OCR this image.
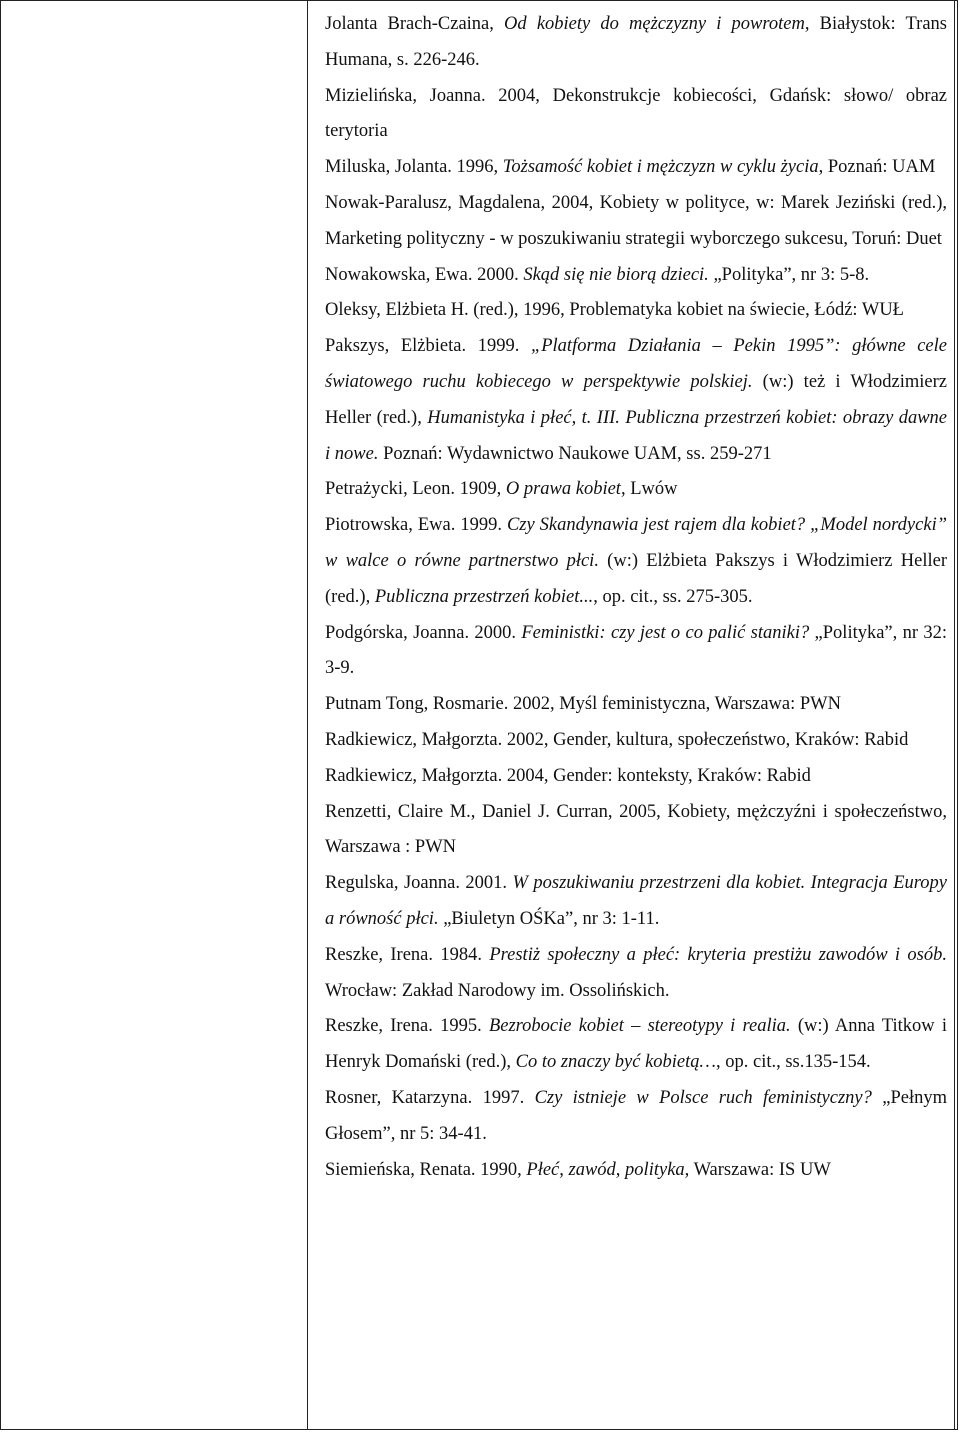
Jolanta Brach-Czaina, Od kobiety do mężczyzny i powrotem, Białystok: Trans Humana, s. 226-246.

Mizielińska, Joanna. 2004, Dekonstrukcje kobiecości, Gdańsk: słowo/ obraz terytoria

Miluska, Jolanta. 1996, Tożsamość kobiet i mężczyzn w cyklu życia, Poznań: UAM

Nowak-Paralusz, Magdalena, 2004, Kobiety w polityce, w: Marek Jeziński (red.), Marketing polityczny - w poszukiwaniu strategii wyborczego sukcesu, Toruń: Duet

Nowakowska, Ewa. 2000. Skąd się nie biorą dzieci. „Polityka”, nr 3: 5-8.

Oleksy, Elżbieta H. (red.), 1996, Problematyka kobiet na świecie, Łódź: WUŁ

Pakszys, Elżbieta. 1999. „Platforma Działania – Pekin 1995”: główne cele światowego ruchu kobiecego w perspektywie polskiej. (w:) też i Włodzimierz Heller (red.), Humanistyka i płeć, t. III. Publiczna przestrzeń kobiet: obrazy dawne i nowe. Poznań: Wydawnictwo Naukowe UAM, ss. 259-271

Petrażycki, Leon. 1909, O prawa kobiet, Lwów

Piotrowska, Ewa. 1999. Czy Skandynawia jest rajem dla kobiet? „Model nordycki” w walce o równe partnerstwo płci. (w:) Elżbieta Pakszys i Włodzimierz Heller (red.), Publiczna przestrzeń kobiet..., op. cit., ss. 275-305.

Podgórska, Joanna. 2000. Feministki: czy jest o co palić staniki? „Polityka”, nr 32: 3-9.

Putnam Tong, Rosmarie. 2002, Myśl feministyczna, Warszawa: PWN

Radkiewicz, Małgorzta. 2002, Gender, kultura, społeczeństwo, Kraków: Rabid

Radkiewicz, Małgorzta. 2004, Gender: konteksty, Kraków: Rabid

Renzetti, Claire M., Daniel J. Curran, 2005, Kobiety, mężczyźni i społeczeństwo, Warszawa : PWN

Regulska, Joanna. 2001. W poszukiwaniu przestrzeni dla kobiet. Integracja Europy a równość płci. „Biuletyn OŚKa”, nr 3: 1-11.

Reszke, Irena. 1984. Prestiż społeczny a płeć: kryteria prestiżu zawodów i osób. Wrocław: Zakład Narodowy im. Ossolińskich.

Reszke, Irena. 1995. Bezrobocie kobiet – stereotypy i realia. (w:) Anna Titkow i Henryk Domański (red.), Co to znaczy być kobietą…, op. cit., ss.135-154.

Rosner, Katarzyna. 1997. Czy istnieje w Polsce ruch feministyczny? „Pełnym Głosem”, nr 5: 34-41.

Siemieńska, Renata. 1990, Płeć, zawód, polityka, Warszawa: IS UW
